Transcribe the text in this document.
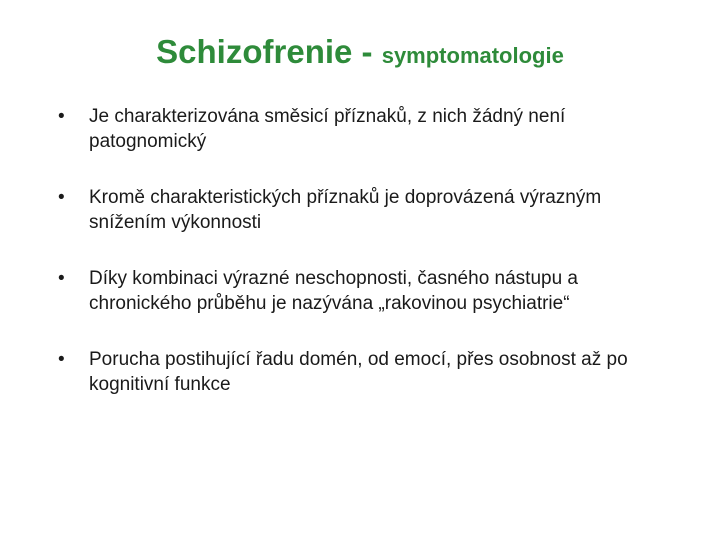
Schizofrenie - symptomatologie
•	Je charakterizována směsicí příznaků, z nich žádný není patognomický
•	Kromě charakteristických příznaků je doprovázená výrazným snížením výkonnosti
•	Díky kombinaci výrazné neschopnosti, časného nástupu a chronického průběhu je nazývána „rakovinou psychiatrie“
•	Porucha postihující řadu domén, od emocí, přes osobnost až po kognitivní funkce
